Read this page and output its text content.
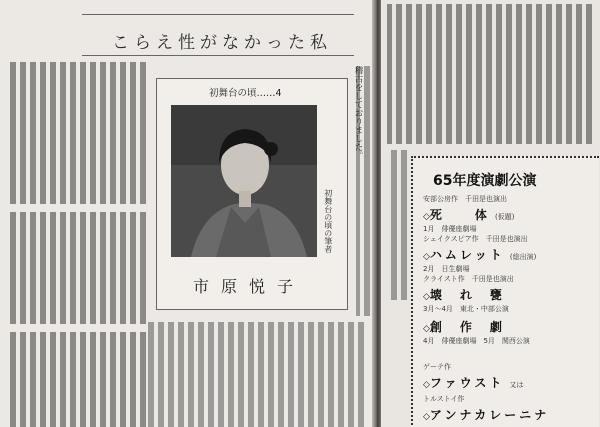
こらえ性がなかった私
稽古をしておりました。
初舞台の頃……4
初舞台の頃の筆者
市原悦子
65年度演劇公演
安部公房作　千田是也演出
◇死　　体 (仮題)
1月　俳優座劇場
シェイクスピア作　千田是也演出
◇ハムレット (総出演)
2月　日生劇場
クライスト作　千田是也演出
◇壊　れ　甕
3月〜4月　東北・中部公演
◇創　作　劇
4月　俳優座劇場　5月　関西公演
ゲーテ作
◇ファウスト 又は
トルストイ作
◇アンナカレーニナ
